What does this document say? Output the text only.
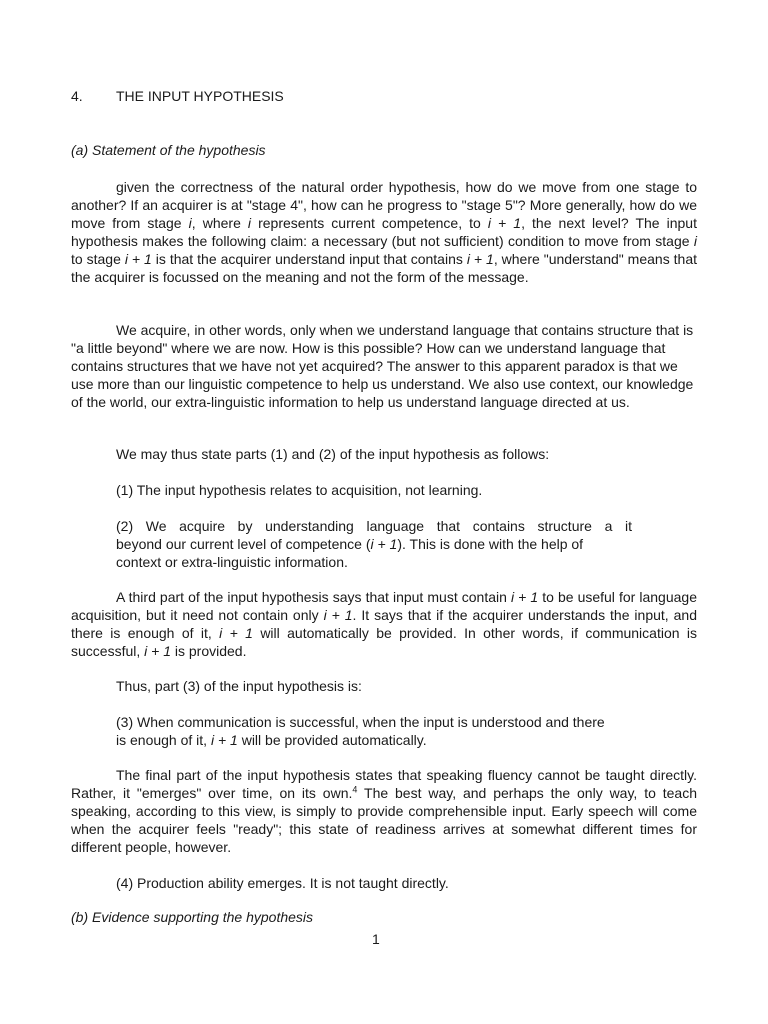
4. THE INPUT HYPOTHESIS
(a) Statement of the hypothesis

given the correctness of the natural order hypothesis, how do we move from one stage to another? If an acquirer is at "stage 4", how can he progress to "stage 5"? More generally, how do we move from stage i, where i represents current competence, to i + 1, the next level? The input hypothesis makes the following claim: a necessary (but not sufficient) condition to move from stage i to stage i + 1 is that the acquirer understand input that contains i + 1, where "understand" means that the acquirer is focussed on the meaning and not the form of the message.

We acquire, in other words, only when we understand language that contains structure that is "a little beyond" where we are now. How is this possible? How can we understand language that contains structures that we have not yet acquired? The answer to this apparent paradox is that we use more than our linguistic competence to help us understand. We also use context, our knowledge of the world, our extra-linguistic information to help us understand language directed at us.

We may thus state parts (1) and (2) of the input hypothesis as follows:

(1) The input hypothesis relates to acquisition, not learning.

(2) We acquire by understanding language that contains structure a it
beyond our current level of competence (i + 1). This is done with the help of
context or extra-linguistic information.

A third part of the input hypothesis says that input must contain i + 1 to be useful for language acquisition, but it need not contain only i + 1. It says that if the acquirer understands the input, and there is enough of it, i + 1 will automatically be provided. In other words, if communication is successful, i + 1 is provided.

Thus, part (3) of the input hypothesis is:

(3) When communication is successful, when the input is understood and there
is enough of it, i + 1 will be provided automatically.

The final part of the input hypothesis states that speaking fluency cannot be taught directly. Rather, it "emerges" over time, on its own.$^4$ The best way, and perhaps the only way, to teach speaking, according to this view, is simply to provide comprehensible input. Early speech will come when the acquirer feels "ready"; this state of readiness arrives at somewhat different times for different people, however.

(4) Production ability emerges. It is not taught directly.

(b) Evidence supporting the hypothesis
1
